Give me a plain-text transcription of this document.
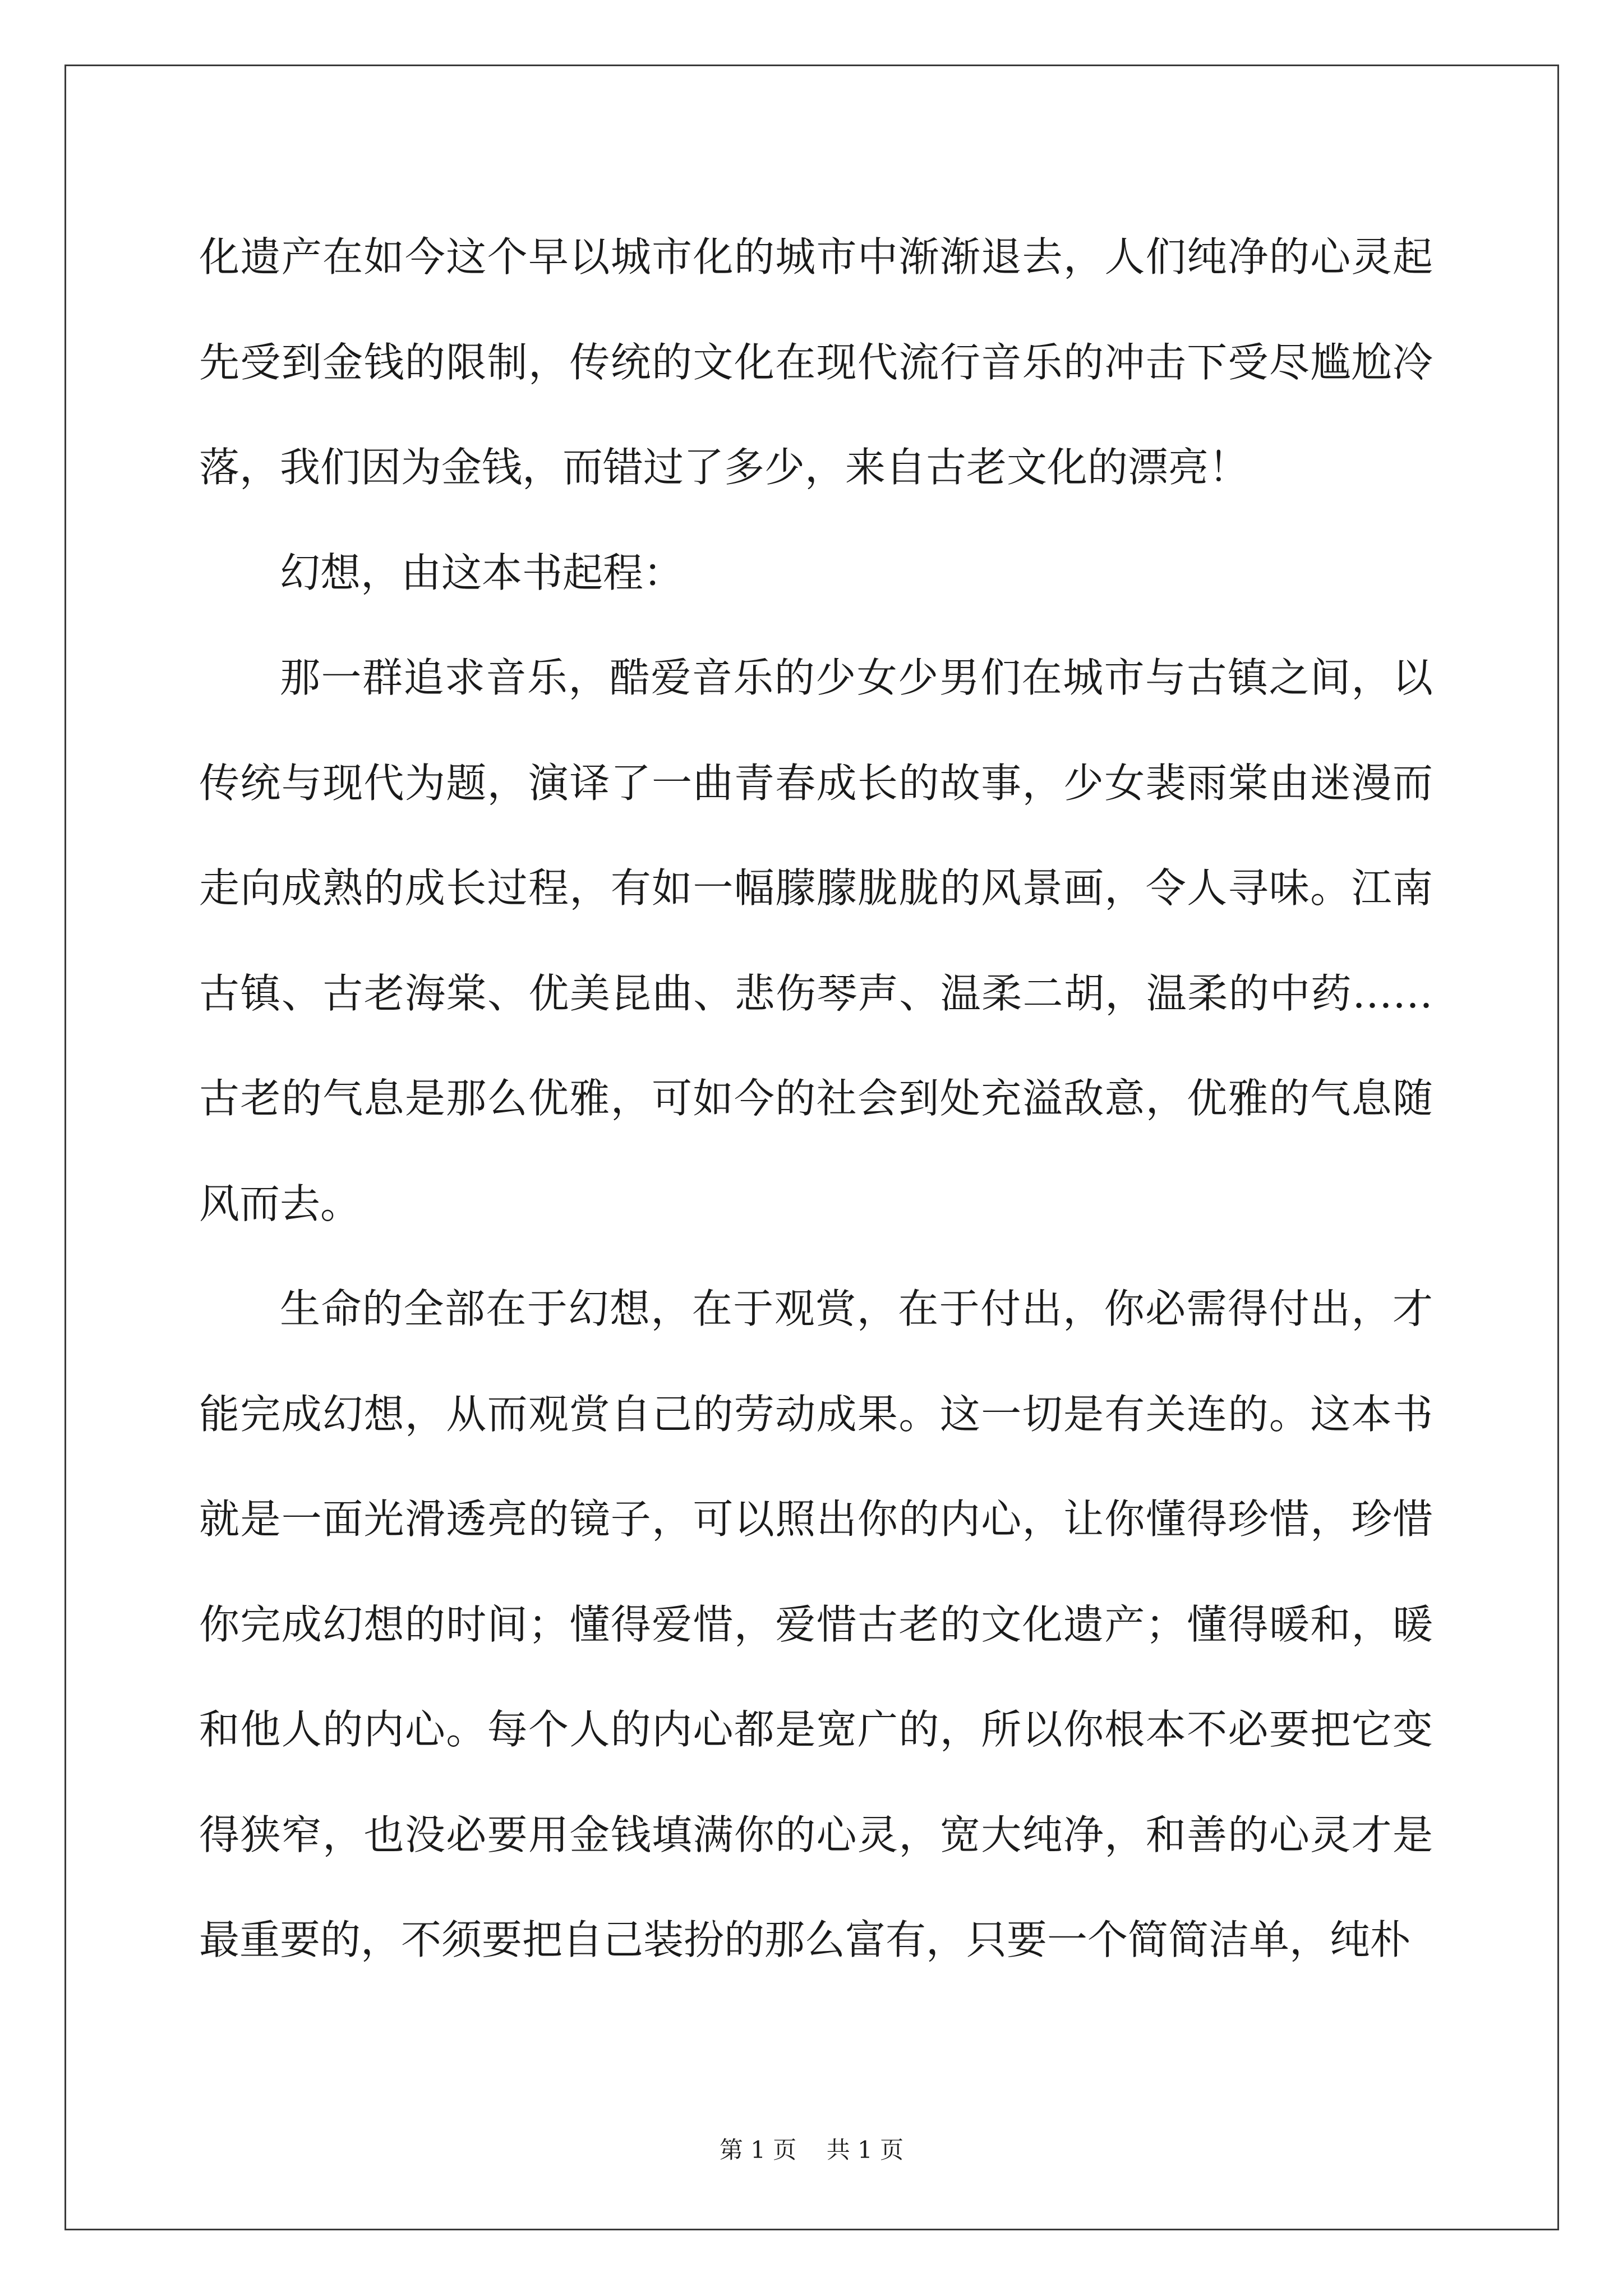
化遗产在如今这个早以城市化的城市中渐渐退去，人们纯净的心灵起先受到金钱的限制，传统的文化在现代流行音乐的冲击下受尽尴尬冷落，我们因为金钱，而错过了多少，来自古老文化的漂亮！

幻想，由这本书起程：

那一群追求音乐，酷爱音乐的少女少男们在城市与古镇之间，以传统与现代为题，演译了一曲青春成长的故事，少女裴雨棠由迷漫而走向成熟的成长过程，有如一幅朦朦胧胧的风景画，令人寻味。江南古镇、古老海棠、优美昆曲、悲伤琴声、温柔二胡，温柔的中药……古老的气息是那么优雅，可如今的社会到处充溢敌意，优雅的气息随风而去。

生命的全部在于幻想，在于观赏，在于付出，你必需得付出，才能完成幻想，从而观赏自己的劳动成果。这一切是有关连的。这本书就是一面光滑透亮的镜子，可以照出你的内心，让你懂得珍惜，珍惜你完成幻想的时间；懂得爱惜，爱惜古老的文化遗产；懂得暖和，暖和他人的内心。每个人的内心都是宽广的，所以你根本不必要把它变得狭窄，也没必要用金钱填满你的心灵，宽大纯净，和善的心灵才是最重要的，不须要把自己装扮的那么富有，只要一个简简洁单，纯朴

第 1 页    共 1 页
